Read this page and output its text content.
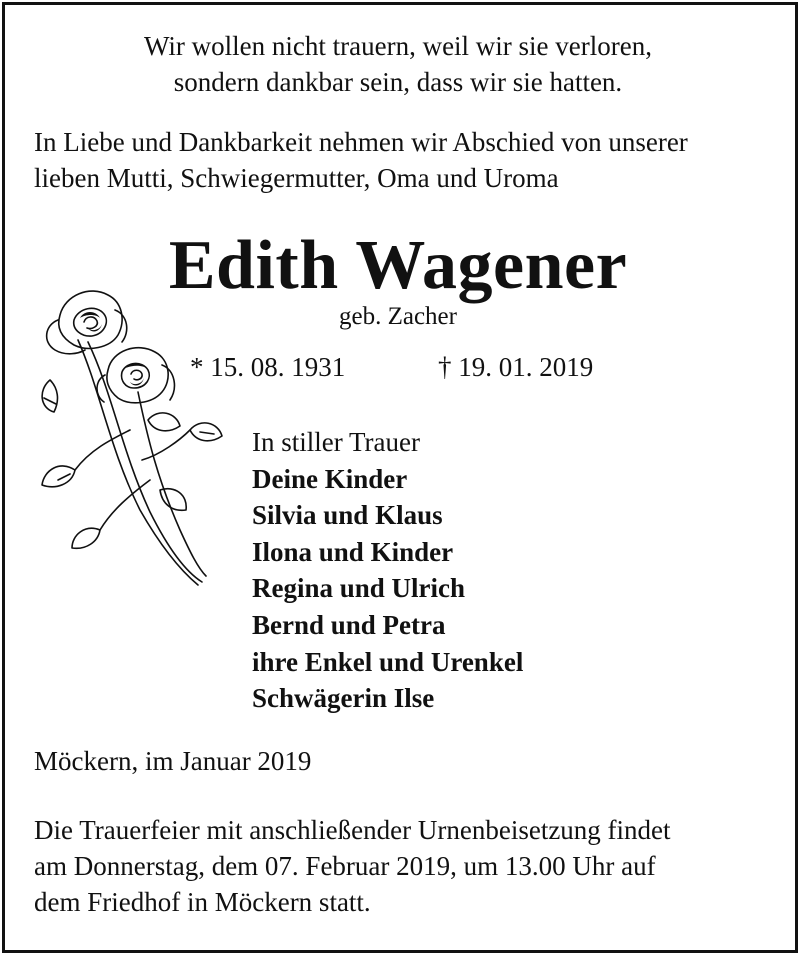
Wir wollen nicht trauern, weil wir sie verloren,
sondern dankbar sein, dass wir sie hatten.
In Liebe und Dankbarkeit nehmen wir Abschied von unserer
lieben Mutti, Schwiegermutter, Oma und Uroma
Edith Wagener
geb. Zacher
* 15. 08. 1931	† 19. 01. 2019
In stiller Trauer
Deine Kinder
Silvia und Klaus
Ilona und Kinder
Regina und Ulrich
Bernd und Petra
ihre Enkel und Urenkel
Schwägerin Ilse
Möckern, im Januar 2019
Die Trauerfeier mit anschließender Urnenbeisetzung findet
am Donnerstag, dem 07. Februar 2019, um 13.00 Uhr auf
dem Friedhof in Möckern statt.
